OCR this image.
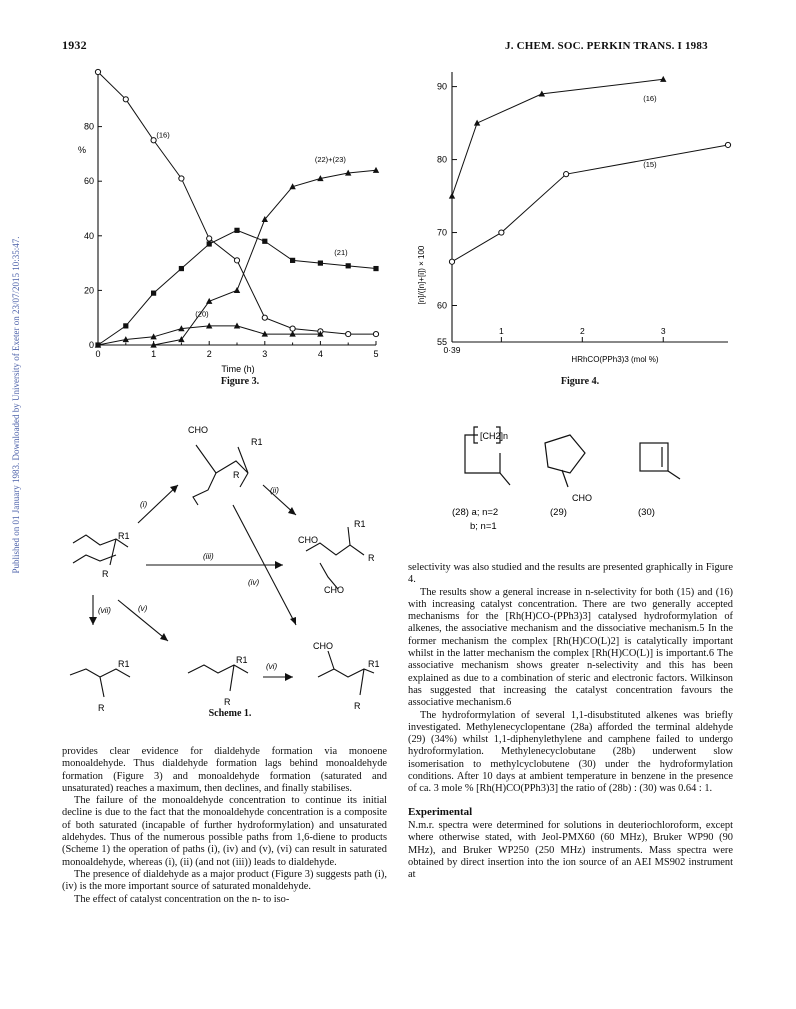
1932	J. CHEM. SOC. PERKIN TRANS. I 1983
Published on 01 January 1983. Downloaded by University of Exeter on 23/07/2015 10:35:47.	0	1	2	3	4	5
0
20
40
60
80
(16)
(22)+(23)
(21)
(20)
%
Time (h)
Figure 3.
0·39
1	2	3
55
60
70
80
90
(16)
(15)
HRhCO(PPh3)3 (mol %)
[n]/([n]+[i]) × 100
Figure 4.
[CH2]n
CHO
(28) a; n=2
b; n=1
(29)	(30)
CHO
R1
R
R1
R
CHO
R1
R
CHO
R1
R
R1
R
CHO
R1
R
(i)
(ii)
(iii)
(iv)
(v)
(vi)
(vii)
Scheme 1.

provides clear evidence for dialdehyde formation via monoene monoaldehyde. Thus dialdehyde formation lags behind monoaldehyde formation (Figure 3) and monoaldehyde formation (saturated and unsaturated) reaches a maximum, then declines, and finally stabilises.

The failure of the monoaldehyde concentration to continue its initial decline is due to the fact that the monoaldehyde concentration is a composite of both saturated (incapable of further hydroformylation) and unsaturated aldehydes. Thus of the numerous possible paths from 1,6-diene to products (Scheme 1) the operation of paths (i), (iv) and (v), (vi) can result in saturated monoaldehyde, whereas (i), (ii) (and not (iii)) leads to dialdehyde.

The presence of dialdehyde as a major product (Figure 3) suggests path (i), (iv) is the more important source of saturated monaldehyde.

The effect of catalyst concentration on the n- to iso-

selectivity was also studied and the results are presented graphically in Figure 4.

The results show a general increase in n-selectivity for both (15) and (16) with increasing catalyst concentration. There are two generally accepted mechanisms for the [Rh(H)CO-(PPh3)3] catalysed hydroformylation of alkenes, the associative mechanism and the dissociative mechanism.5 In the former mechanism the complex [Rh(H)CO(L)2] is catalytically important whilst in the latter mechanism the complex [Rh(H)CO(L)] is important.6 The associative mechanism shows greater n-selectivity and this has been explained as due to a combination of steric and electronic factors. Wilkinson has suggested that increasing the catalyst concentration favours the associative mechanism.6

The hydroformylation of several 1,1-disubstituted alkenes was briefly investigated. Methylenecyclopentane (28a) afforded the terminal aldehyde (29) (34%) whilst 1,1-diphenylethylene and camphene failed to undergo hydroformylation. Methylenecyclobutane (28b) underwent slow isomerisation to methylcyclobutene (30) under the hydroformylation conditions. After 10 days at ambient temperature in benzene in the presence of ca. 3 mole % [Rh(H)CO(PPh3)3] the ratio of (28b) : (30) was 0.64 : 1.

Experimental

N.m.r. spectra were determined for solutions in deuteriochloroform, except where otherwise stated, with Jeol-PMX60 (60 MHz), Bruker WP90 (90 MHz), and Bruker WP250 (250 MHz) instruments. Mass spectra were obtained by direct insertion into the ion source of an AEI MS902 instrument at
